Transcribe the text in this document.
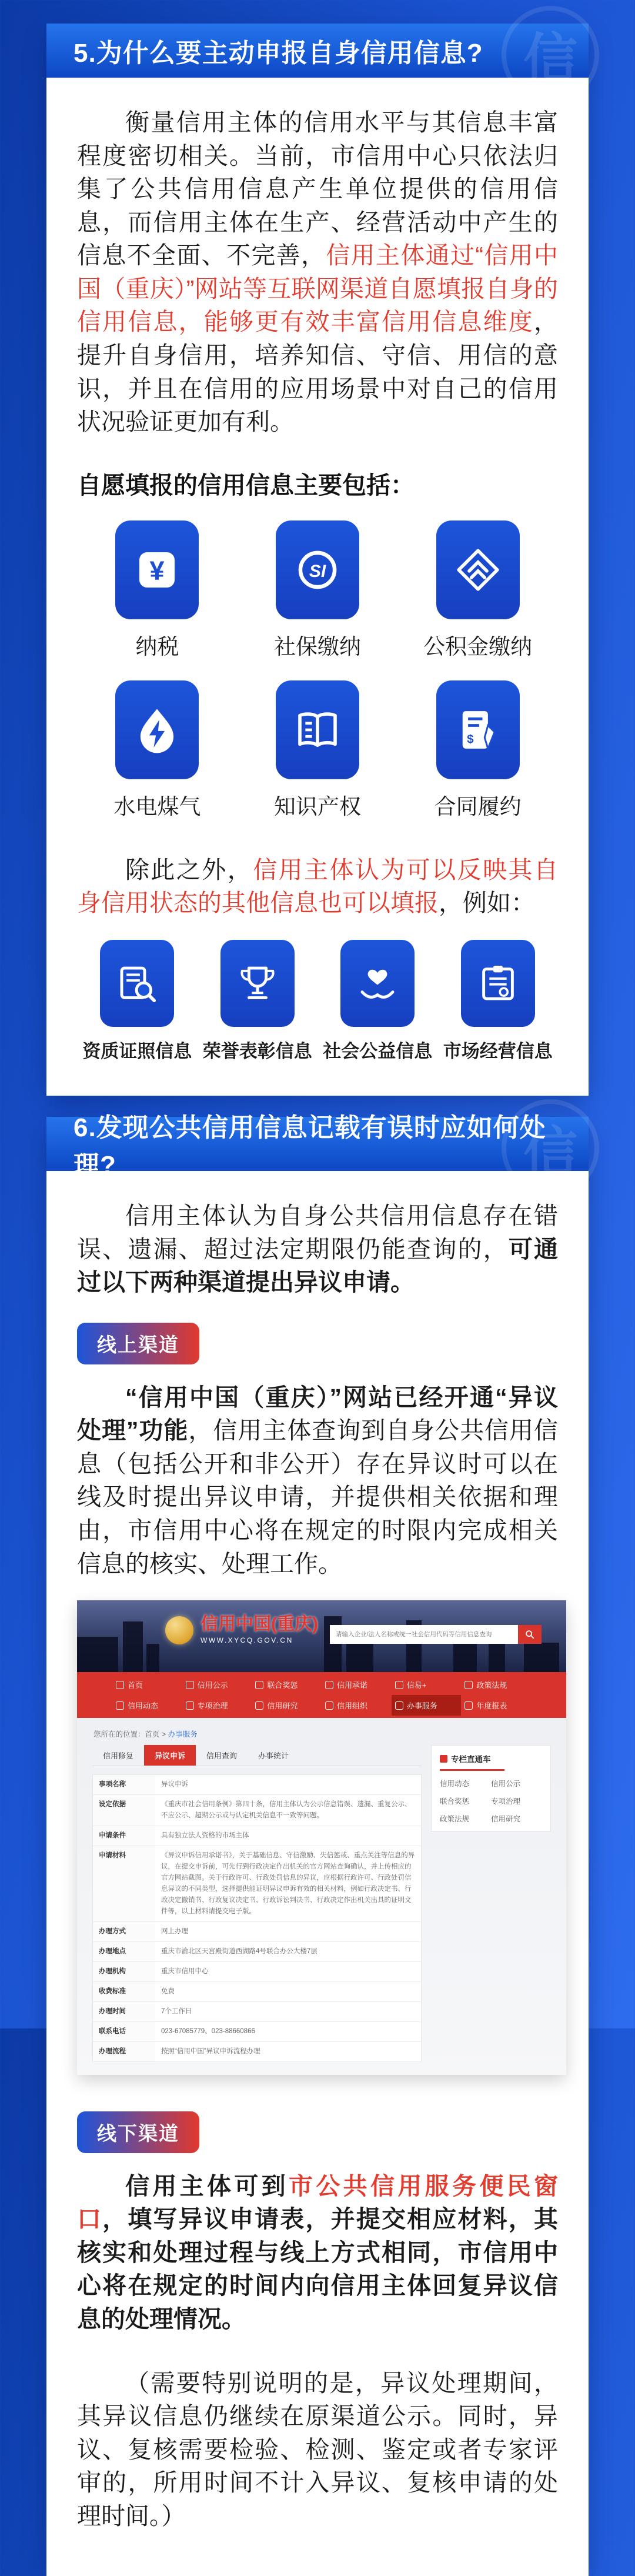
5.为什么要主动申报自身信用信息? 信

衡量信用主体的信用水平与其信息丰富程度密切相关。当前，市信用中心只依法归集了公共信用信息产生单位提供的信用信息，而信用主体在生产、经营活动中产生的信息不全面、不完善，信用主体通过“信用中国（重庆）”网站等互联网渠道自愿填报自身的信用信息，能够更有效丰富信用信息维度，提升自身信用，培养知信、守信、用信的意识，并且在信用的应用场景中对自己的信用状况验证更加有利。

自愿填报的信用信息主要包括：
¥
纳税
SI
社保缴纳	公积金缴纳
水电煤气	知识产权
$
合同履约

除此之外，信用主体认为可以反映其自身信用状态的其他信息也可以填报，例如：

资质证照信息 荣誉表彰信息 社会公益信息 市场经营信息
6.发现公共信用信息记载有误时应如何处理?	信

信用主体认为自身公共信用信息存在错误、遗漏、超过法定期限仍能查询的，可通过以下两种渠道提出异议申请。

线上渠道

“信用中国（重庆）”网站已经开通“异议处理”功能，信用主体查询到自身公共信用信息（包括公开和非公开）存在异议时可以在线及时提出异议申请，并提供相关依据和理由，市信用中心将在规定的时限内完成相关信息的核实、处理工作。

信用中国(重庆)
WWW.XYCQ.GOV.CN
请输入企业/法人名称或统一社会信用代码等信用信息查询
首页	信用公示	联合奖惩	信用承诺	信易+	政策法规
信用动态	专项治理	信用研究	信用组织	办事服务	年度报表
您所在的位置：首页 > 办事服务
信用修复	异议申诉	信用查询	办事统计
事项名称	异议申诉
设定依据	《重庆市社会信用条例》第四十条，信用主体认为公示信息错误、遗漏、重复公示、不应公示、超期公示或与认定机关信息不一致等问题。
申请条件	具有独立法人资格的市场主体
申请材料	《异议申诉信用承诺书》，关于基础信息、守信激励、失信惩戒、重点关注等信息的异议，在提交申诉前，可先行到行政决定作出机关的官方网站查询确认，并上传相应的官方网站截图。关于行政许可、行政处罚信息的异议，应根据行政许可、行政处罚信息异议的不同类型，选择提供能证明异议申诉有效的相关材料，例如行政决定书、行政决定撤销书、行政复议决定书、行政诉讼判决书、行政决定作出机关出具的证明文件等，以上材料请提交电子版。
办理方式	网上办理
办理地点	重庆市渝北区天宫殿街道西湖路4号联合办公大楼7层
办理机构	重庆市信用中心
收费标准	免费
办理时间	7个工作日
联系电话	023-67085779、023-88660866
办理流程	按照“信用中国”异议申诉流程办理
专栏直通车
信用动态	信用公示
联合奖惩	专项治理
政策法规	信用研究
线下渠道

信用主体可到市公共信用服务便民窗口，填写异议申请表，并提交相应材料，其核实和处理过程与线上方式相同，市信用中心将在规定的时间内向信用主体回复异议信息的处理情况。

（需要特别说明的是，异议处理期间，其异议信息仍继续在原渠道公示。同时，异议、复核需要检验、检测、鉴定或者专家评审的，所用时间不计入异议、复核申请的处理时间。）
